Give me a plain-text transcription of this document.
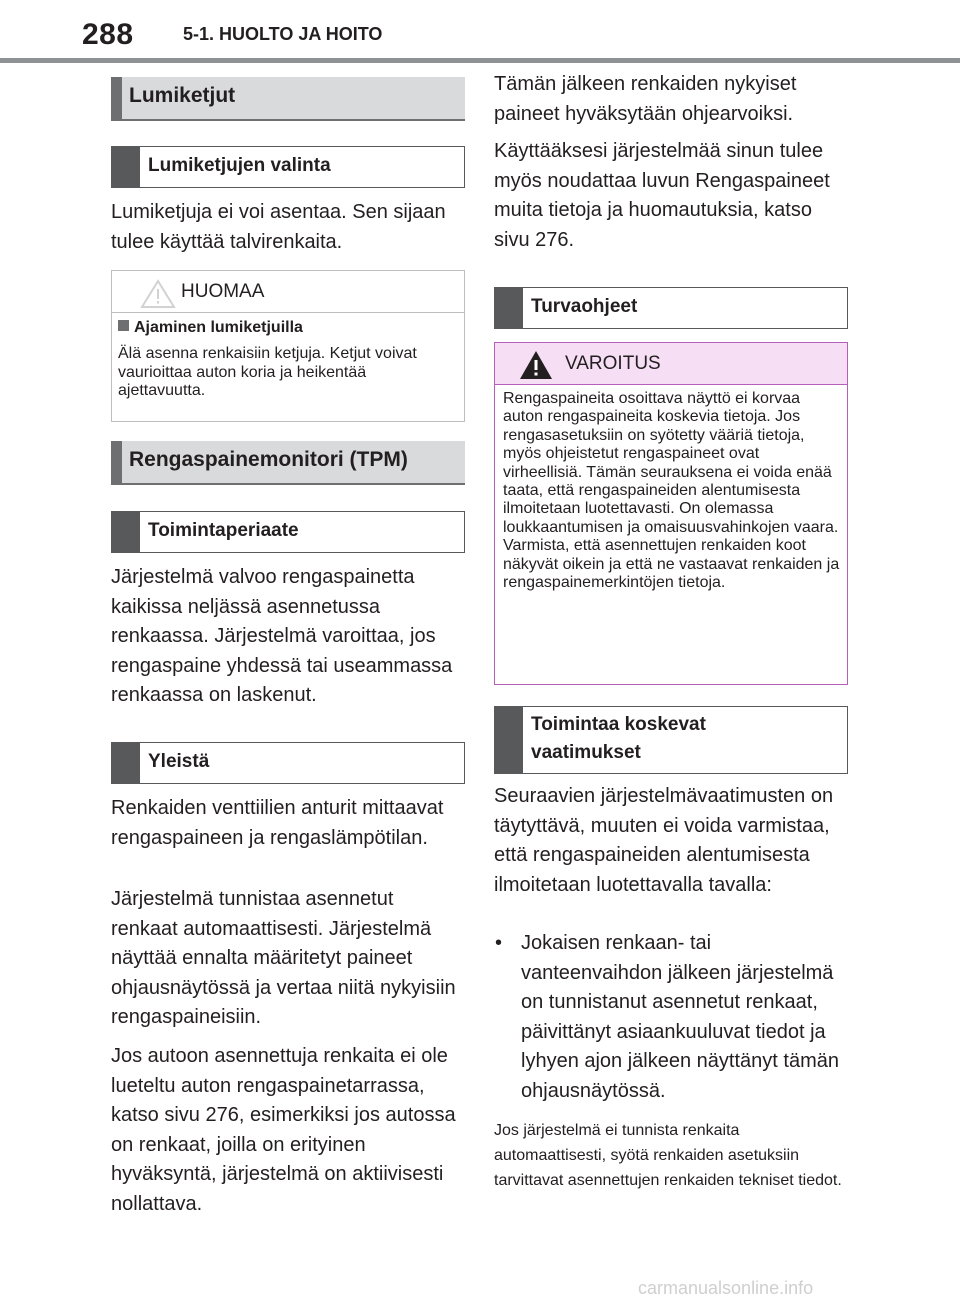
288	5-1. HUOLTO JA HOITO
Lumiketjut
Lumiketjujen valinta
Lumiketjuja ei voi asentaa. Sen sijaan tulee käyttää talvirenkaita.
HUOMAA
Ajaminen lumiketjuilla
Älä asenna renkaisiin ketjuja. Ketjut voivat vaurioittaa auton koria ja heikentää ajettavuutta.
Rengaspainemonitori (TPM)
Toimintaperiaate
Järjestelmä valvoo rengaspainetta kaikissa neljässä asennetussa renkaassa. Järjestelmä varoittaa, jos rengaspaine yhdessä tai useammassa renkaassa on laskenut.
Yleistä
Renkaiden venttiilien anturit mittaavat rengaspaineen ja rengaslämpötilan.
Järjestelmä tunnistaa asennetut renkaat automaattisesti. Järjestelmä näyttää ennalta määritetyt paineet ohjausnäytössä ja vertaa niitä nykyisiin rengaspaineisiin.
Jos autoon asennettuja renkaita ei ole lueteltu auton rengaspainetarrassa, katso sivu 276, esimerkiksi jos autossa on renkaat, joilla on erityinen hyväksyntä, järjestelmä on aktiivisesti nollattava.
Tämän jälkeen renkaiden nykyiset paineet hyväksytään ohjearvoiksi.
Käyttääksesi järjestelmää sinun tulee myös noudattaa luvun Rengaspaineet muita tietoja ja huomautuksia, katso sivu 276.
Turvaohjeet
VAROITUS
Rengaspaineita osoittava näyttö ei korvaa auton rengaspaineita koskevia tietoja. Jos rengasasetuksiin on syötetty vääriä tietoja, myös ohjeistetut rengaspaineet ovat virheellisiä. Tämän seurauksena ei voida enää taata, että rengaspaineiden alentumisesta ilmoitetaan luotettavasti. On olemassa loukkaantumisen ja omaisuusvahinkojen vaara. Varmista, että asennettujen renkaiden koot näkyvät oikein ja että ne vastaavat renkaiden ja rengaspainemerkintöjen tietoja.
Toimintaa koskevat vaatimukset
Seuraavien järjestelmävaatimusten on täytyttävä, muuten ei voida varmistaa, että rengaspaineiden alentumisesta ilmoitetaan luotettavalla tavalla:
• Jokaisen renkaan- tai vanteenvaihdon jälkeen järjestelmä on tunnistanut asennetut renkaat, päivittänyt asiaankuuluvat tiedot ja lyhyen ajon jälkeen näyttänyt tämän ohjausnäytössä.
Jos järjestelmä ei tunnista renkaita automaattisesti, syötä renkaiden asetuksiin tarvittavat asennettujen renkaiden tekniset tiedot.
carmanualsonline.info
